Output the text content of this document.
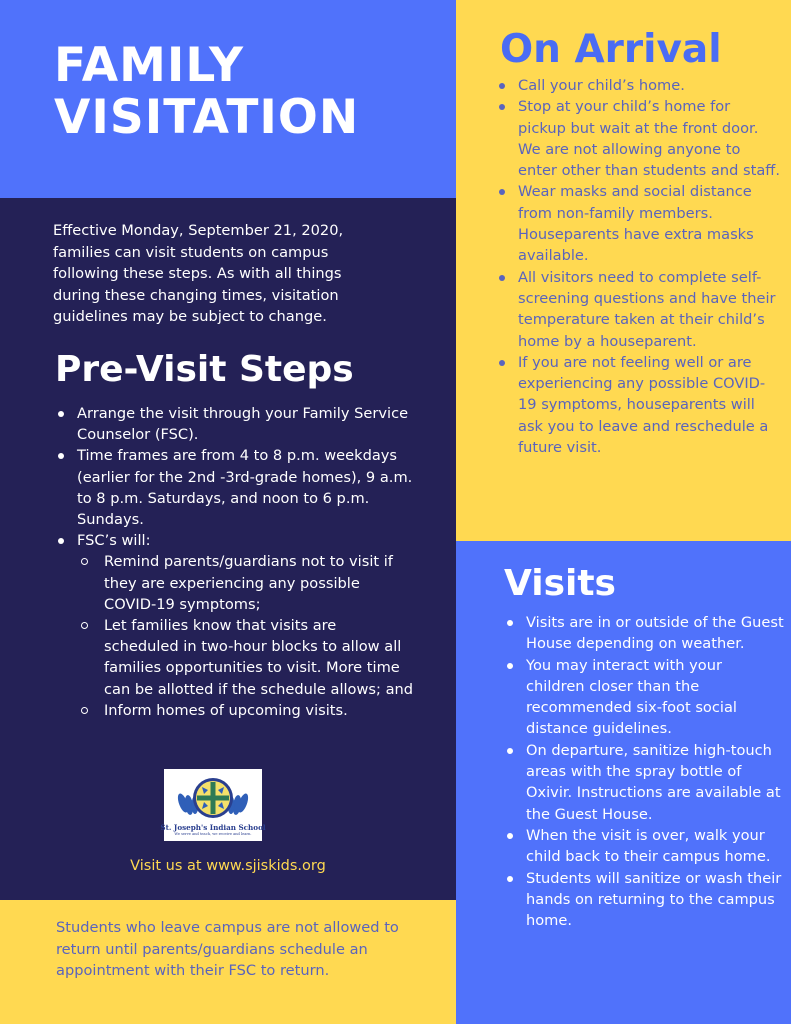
FAMILY
VISITATION

Effective Monday, September 21, 2020, families can visit students on campus following these steps. As with all things during these changing times, visitation guidelines may be subject to change.

Pre-Visit Steps
Arrange the visit through your Family Service Counselor (FSC).
Time frames are from 4 to 8 p.m. weekdays (earlier for the 2nd -3rd-grade homes), 9 a.m. to 8 p.m. Saturdays, and noon to 6 p.m. Sundays.
FSC’s will:
Remind parents/guardians not to visit if they are experiencing any possible COVID-19 symptoms;
Let families know that visits are scheduled in two-hour blocks to allow all families opportunities to visit. More time can be allotted if the schedule allows; and
Inform homes of upcoming visits.
St. Joseph's Indian School
We serve and teach, we receive and learn.

Visit us at www.sjiskids.org

Students who leave campus are not allowed to return until parents/guardians schedule an appointment with their FSC to return.

On Arrival
Call your child’s home.
Stop at your child’s home for pickup but wait at the front door. We are not allowing anyone to enter other than students and staff.
Wear masks and social distance from non-family members. Houseparents have extra masks available.
All visitors need to complete self-screening questions and have their temperature taken at their child’s home by a houseparent.
If you are not feeling well or are experiencing any possible COVID-19 symptoms, houseparents will ask you to leave and reschedule a future visit.
Visits
Visits are in or outside of the Guest House depending on weather.
You may interact with your children closer than the recommended six-foot social distance guidelines.
On departure, sanitize high-touch areas with the spray bottle of Oxivir. Instructions are available at the Guest House.
When the visit is over, walk your child back to their campus home.
Students will sanitize or wash their hands on returning to the campus home.
